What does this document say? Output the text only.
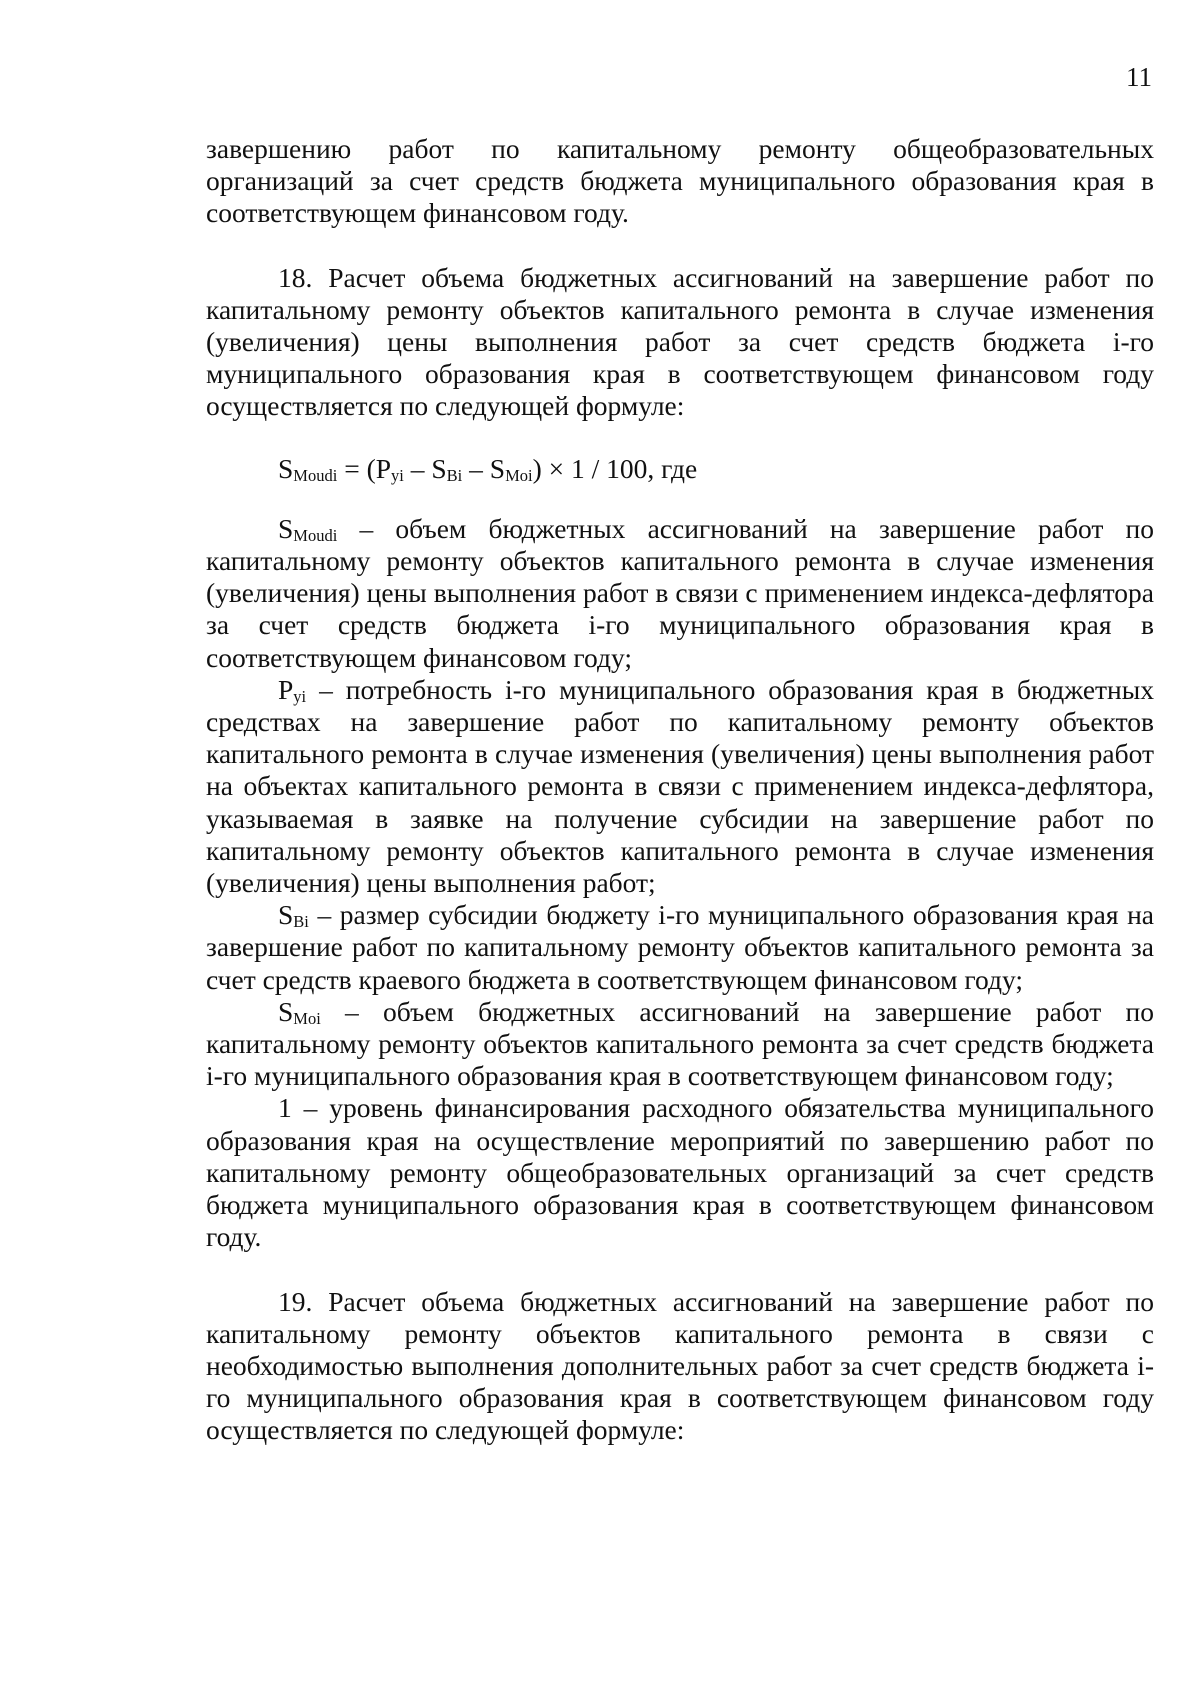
11

завершению работ по капитальному ремонту общеобразовательных организаций за счет средств бюджета муниципального образования края в соответствующем финансовом году.

18. Расчет объема бюджетных ассигнований на завершение работ по капитальному ремонту объектов капитального ремонта в случае изменения (увеличения) цены выполнения работ за счет средств бюджета i-го муниципального образования края в соответствующем финансовом году осуществляется по следующей формуле:

$S_{Moudi} = (P_{yi} - S_{Bi} - S_{Moi}) \times 1 / 100$, где

$S_{Moudi}$ – объем бюджетных ассигнований на завершение работ по капитальному ремонту объектов капитального ремонта в случае изменения (увеличения) цены выполнения работ в связи с применением индекса-дефлятора за счет средств бюджета i-го муниципального образования края в соответствующем финансовом году;

$P_{yi}$ – потребность i-го муниципального образования края в бюджетных средствах на завершение работ по капитальному ремонту объектов капитального ремонта в случае изменения (увеличения) цены выполнения работ на объектах капитального ремонта в связи с применением индекса-дефлятора, указываемая в заявке на получение субсидии на завершение работ по капитальному ремонту объектов капитального ремонта в случае изменения (увеличения) цены выполнения работ;

$S_{Bi}$ – размер субсидии бюджету i-го муниципального образования края на завершение работ по капитальному ремонту объектов капитального ремонта за счет средств краевого бюджета в соответствующем финансовом году;

$S_{Moi}$ – объем бюджетных ассигнований на завершение работ по капитальному ремонту объектов капитального ремонта за счет средств бюджета i-го муниципального образования края в соответствующем финансовом году;

1 – уровень финансирования расходного обязательства муниципального образования края на осуществление мероприятий по завершению работ по капитальному ремонту общеобразовательных организаций за счет средств бюджета муниципального образования края в соответствующем финансовом году.

19. Расчет объема бюджетных ассигнований на завершение работ по капитальному ремонту объектов капитального ремонта в связи с необходимостью выполнения дополнительных работ за счет средств бюджета i-го муниципального образования края в соответствующем финансовом году осуществляется по следующей формуле:
